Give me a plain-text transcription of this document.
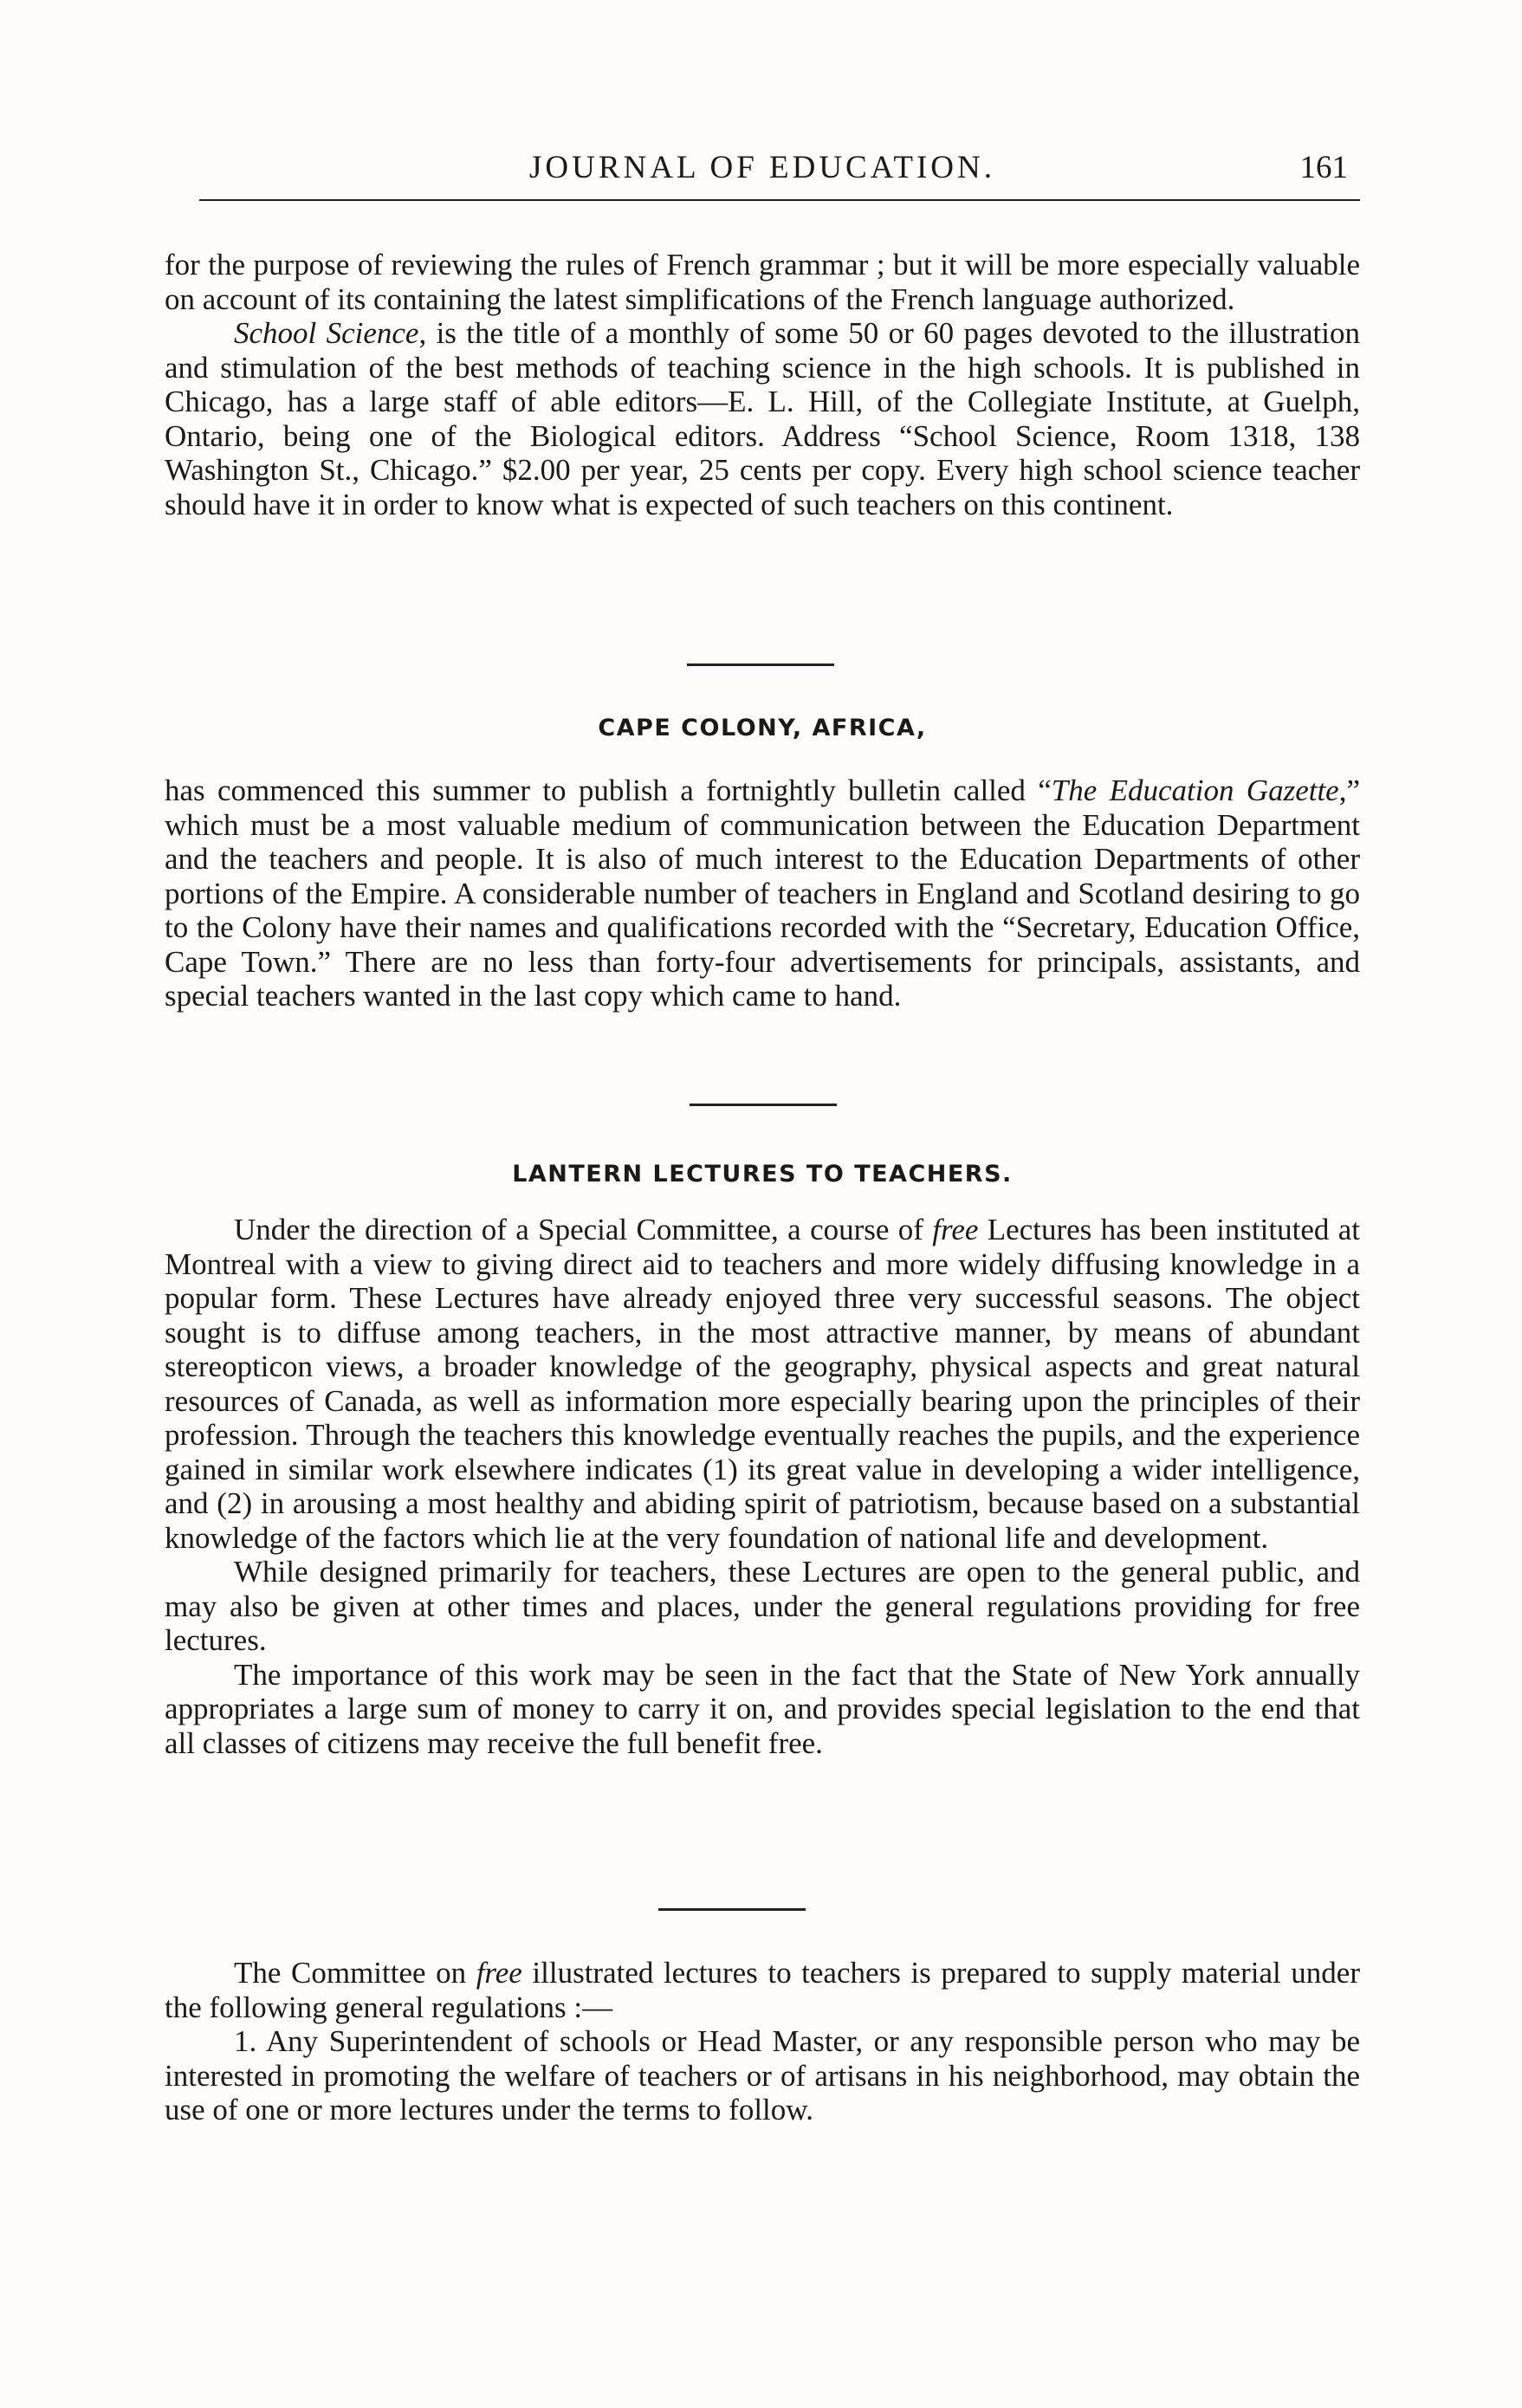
JOURNAL OF EDUCATION.	161

for the purpose of reviewing the rules of French grammar ; but it will be more especially valuable on account of its containing the latest simplifications of the French language authorized.

School Science, is the title of a monthly of some 50 or 60 pages devoted to the illustration and stimulation of the best methods of teaching science in the high schools. It is published in Chicago, has a large staff of able editors—E. L. Hill, of the Collegiate Institute, at Guelph, Ontario, being one of the Biological editors. Address “School Science, Room 1318, 138 Washington St., Chicago.” $2.00 per year, 25 cents per copy. Every high school science teacher should have it in order to know what is expected of such teachers on this continent.

CAPE COLONY, AFRICA,

has commenced this summer to publish a fortnightly bulletin called “The Education Gazette,” which must be a most valuable medium of communication between the Education Department and the teachers and people. It is also of much interest to the Education Departments of other portions of the Empire. A considerable number of teachers in England and Scotland desiring to go to the Colony have their names and qualifications recorded with the “Secretary, Education Office, Cape Town.” There are no less than forty-four advertisements for principals, assistants, and special teachers wanted in the last copy which came to hand.

LANTERN LECTURES TO TEACHERS.

Under the direction of a Special Committee, a course of free Lectures has been instituted at Montreal with a view to giving direct aid to teachers and more widely diffusing knowledge in a popular form. These Lectures have already enjoyed three very successful seasons. The object sought is to diffuse among teachers, in the most attractive manner, by means of abundant stereopticon views, a broader knowledge of the geography, physical aspects and great natural resources of Canada, as well as information more especially bearing upon the principles of their profession. Through the teachers this knowledge eventually reaches the pupils, and the experience gained in similar work elsewhere indicates (1) its great value in developing a wider intelligence, and (2) in arousing a most healthy and abiding spirit of patriotism, because based on a substantial knowledge of the factors which lie at the very foundation of national life and development.

While designed primarily for teachers, these Lectures are open to the general public, and may also be given at other times and places, under the general regulations providing for free lectures.

The importance of this work may be seen in the fact that the State of New York annually appropriates a large sum of money to carry it on, and provides special legislation to the end that all classes of citizens may receive the full benefit free.

The Committee on free illustrated lectures to teachers is prepared to supply material under the following general regulations :—

1. Any Superintendent of schools or Head Master, or any responsible person who may be interested in promoting the welfare of teachers or of artisans in his neighborhood, may obtain the use of one or more lectures under the terms to follow.
